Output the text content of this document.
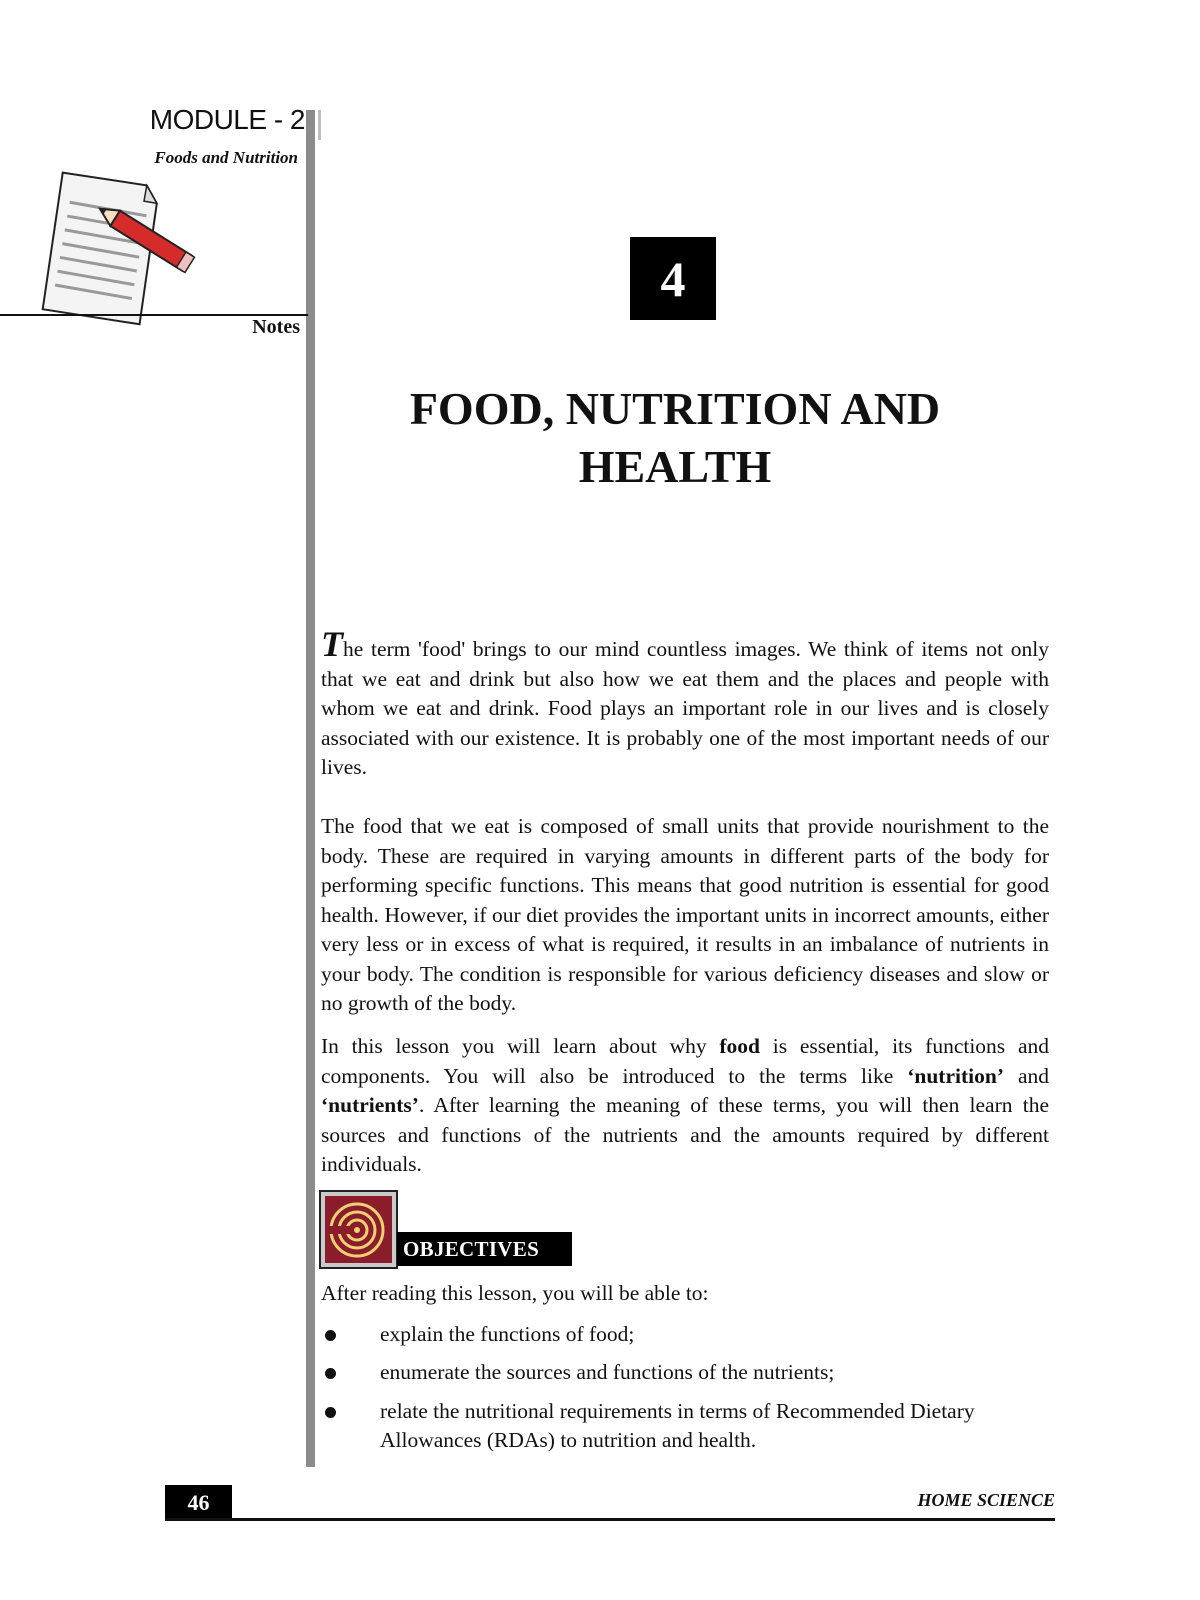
MODULE - 2
Foods and Nutrition
Notes
4
FOOD, NUTRITION AND
HEALTH

The term 'food' brings to our mind countless images. We think of items not only that we eat and drink but also how we eat them and the places and people with whom we eat and drink. Food plays an important role in our lives and is closely associated with our existence. It is probably one of the most important needs of our lives.

The food that we eat is composed of small units that provide nourishment to the body. These are required in varying amounts in different parts of the body for performing specific functions. This means that good nutrition is essential for good health. However, if our diet provides the important units in incorrect amounts, either very less or in excess of what is required, it results in an imbalance of nutrients in your body. The condition is responsible for various deficiency diseases and slow or no growth of the body.

In this lesson you will learn about why food is essential, its functions and components. You will also be introduced to the terms like ‘nutrition’ and ‘nutrients’. After learning the meaning of these terms, you will then learn the sources and functions of the nutrients and the amounts required by different individuals.

OBJECTIVES
After reading this lesson, you will be able to:
explain the functions of food;
enumerate the sources and functions of the nutrients;
relate the nutritional requirements in terms of Recommended Dietary Allowances (RDAs) to nutrition and health.
46	HOME SCIENCE
